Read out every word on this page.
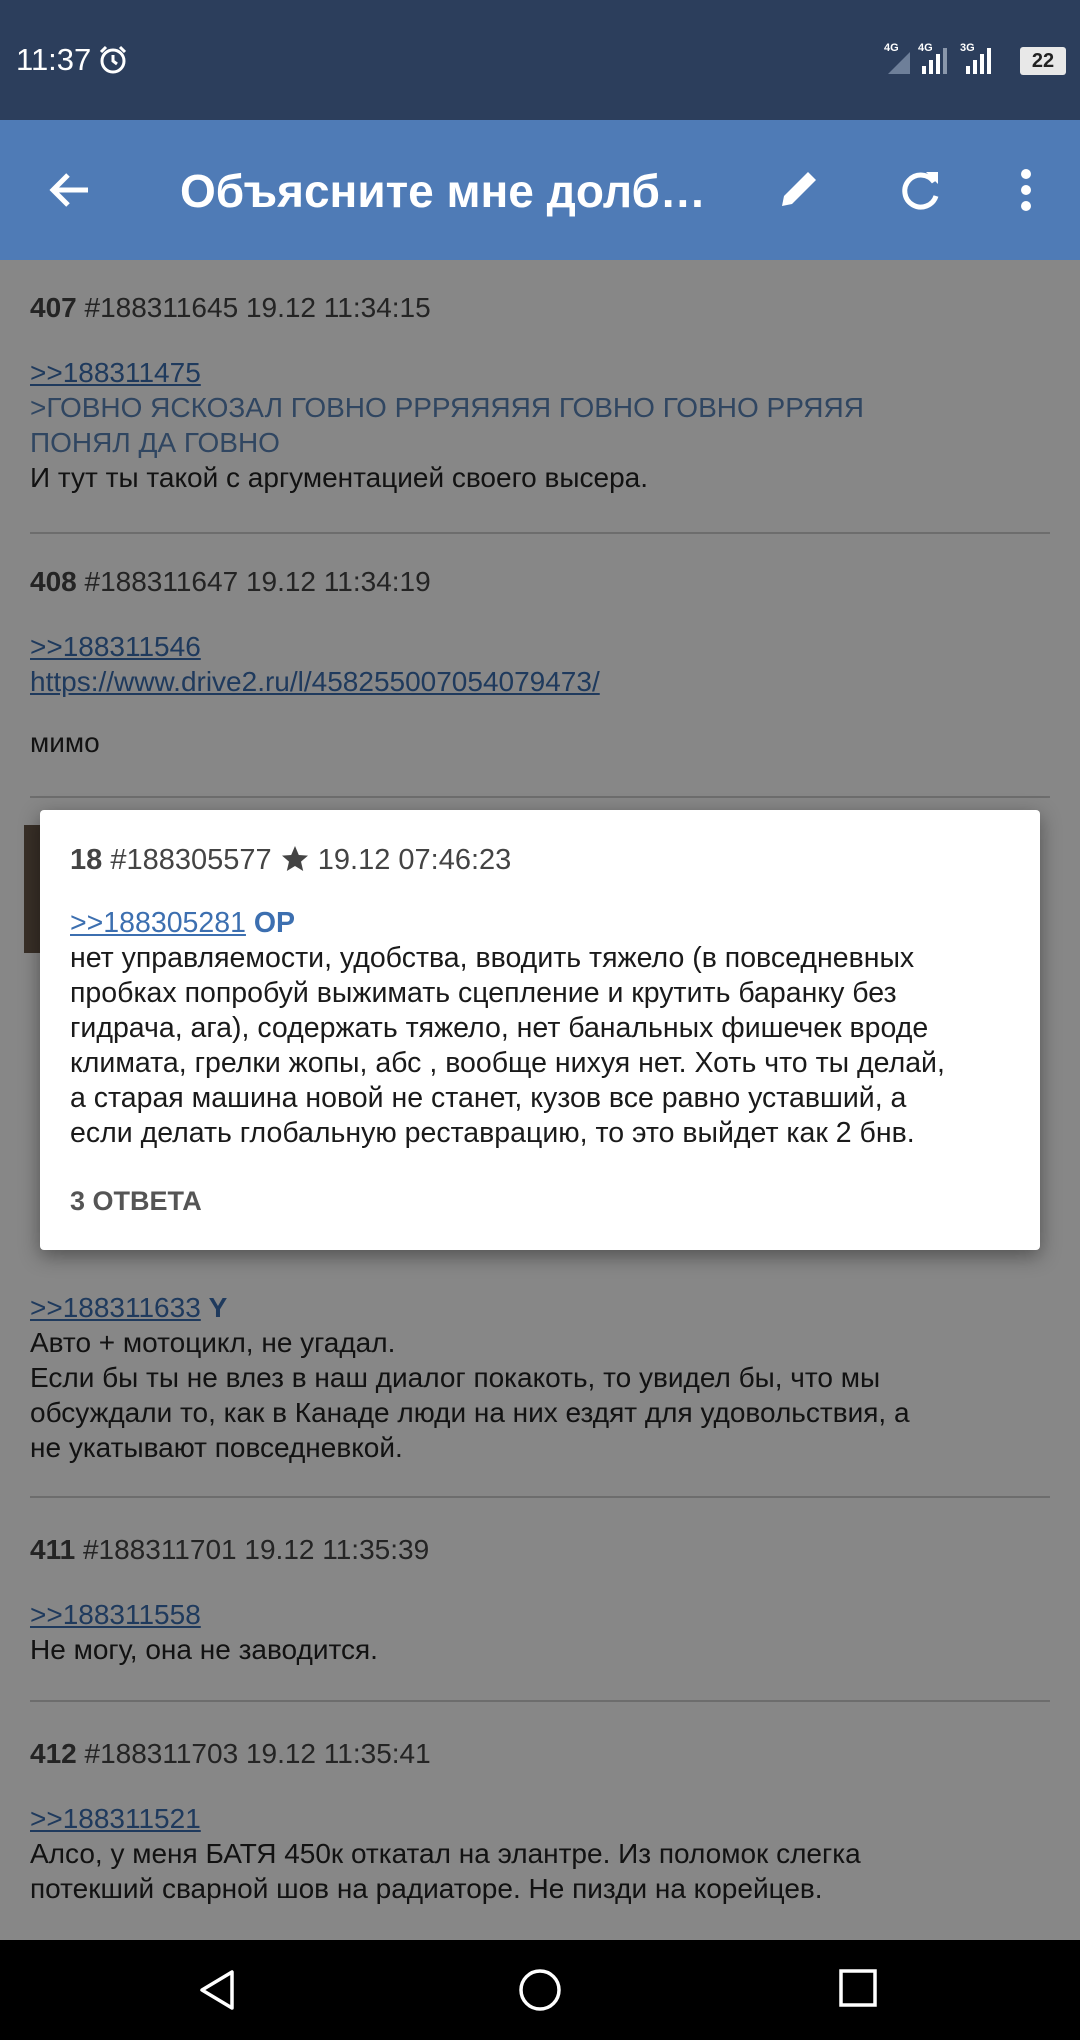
11:37	4G 4G 3G
22
Объясните мне долб…
407 #188311645 19.12 11:34:15
>>188311475
>ГОВНО ЯСКОЗАЛ ГОВНО РРРЯЯЯЯЯ ГОВНО ГОВНО РРЯЯЯ
ПОНЯЛ ДА ГОВНО
И тут ты такой с аргументацией своего высера.
408 #188311647 19.12 11:34:19
>>188311546
https://www.drive2.ru/l/458255007054079473/
мимо
>>188311633 Y
Авто + мотоцикл, не угадал.
Если бы ты не влез в наш диалог покакоть, то увидел бы, что мы
обсуждали то, как в Канаде люди на них ездят для удовольствия, а
не укатывают повседневкой.
411 #188311701 19.12 11:35:39
>>188311558
Не могу, она не заводится.
412 #188311703 19.12 11:35:41
>>188311521
Алсо, у меня БАТЯ 450к откатал на элантре. Из поломок слегка
потекший сварной шов на радиаторе. Не пизди на корейцев.
18 #188305577 19.12 07:46:23
>>188305281 OP
нет управляемости, удобства, вводить тяжело (в повседневных
пробках попробуй выжимать сцепление и крутить баранку без
гидрача, ага), содержать тяжело, нет банальных фишечек вроде
климата, грелки жопы, абс , вообще нихуя нет. Хоть что ты делай,
а старая машина новой не станет, кузов все равно уставший, а
если делать глобальную реставрацию, то это выйдет как 2 бнв.
3 ОТВЕТА
